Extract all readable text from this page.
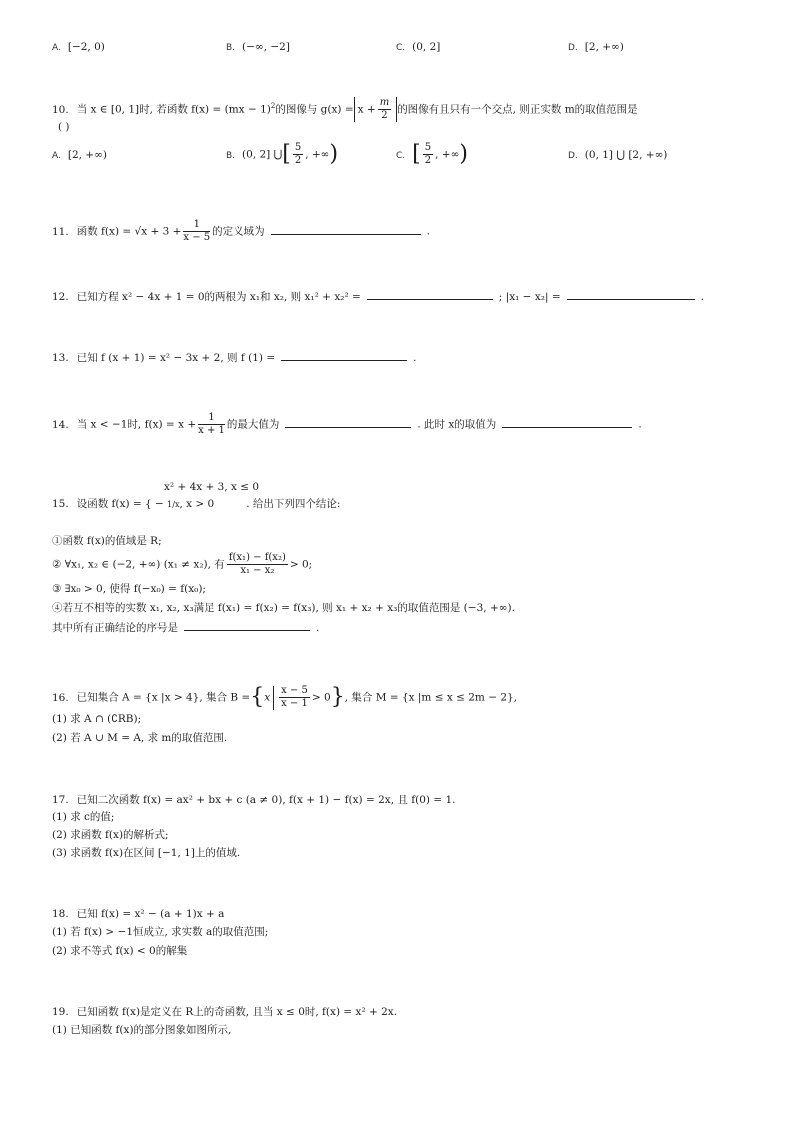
A. [−2, 0)	B. (−∞, −2]	C. (0, 2]	D. [2, +∞)
10. 当 x ∈ [0, 1]时, 若函数 f(x) = (mx − 1)$^2$的图像与 $g(x) = x + \frac{m}{2}$ 的图像有且只有一个交点, 则正实数 m的取值范围是
( )
A. [2, +∞)	B. (0, 2] ⋃[ $\frac{5}{2}$ , +∞)	C. [ $\frac{5}{2}$ , +∞)	D. (0, 1] ⋃ [2, +∞)
11. 函数 $f(x) = √x + 3 + \frac{1}{x - 5}$ 的定义域为	.
12. 已知方程 x² − 4x + 1 = 0的两根为 x₁和 x₂, 则 x₁² + x₂² =	; |x₁ − x₂| =	.
13. 已知 f (x + 1) = x² − 3x + 2, 则 f (1) =	.
14. 当 x < −1时, $f(x) = x + \frac{1}{x + 1}$ 的最大值为	. 此时 x的取值为	.
x² + 4x + 3, x ≤ 0
15. 设函数 f(x) = { − 1/x, x > 0	. 给出下列四个结论:
①函数 f(x)的值域是 R;
② ∀x₁, x₂ ∈ (−2, +∞) (x₁ ≠ x₂), 有 $\frac{\text{f(x₁) − f(x₂)}}{\text{x₁ − x₂}} > 0$;
③ ∃x₀ > 0, 使得 f(−x₀) = f(x₀);
④若互不相等的实数 x₁, x₂, x₃满足 f(x₁) = f(x₂) = f(x₃), 则 x₁ + x₂ + x₃的取值范围是 (−3, +∞).
其中所有正确结论的序号是	.
16. 已知集合 A = {x |x > 4}, 集合 $B =\{x \frac{x - 5}{x - 1} > 0\}$, 集合 M = {x |m ≤ x ≤ 2m − 2},
(1) 求 A ∩ (∁RB);
(2) 若 A ∪ M = A, 求 m的取值范围.
17. 已知二次函数 f(x) = ax² + bx + c (a ≠ 0), f(x + 1) − f(x) = 2x, 且 f(0) = 1.
(1) 求 c的值;
(2) 求函数 f(x)的解析式;
(3) 求函数 f(x)在区间 [−1, 1]上的值域.
18. 已知 f(x) = x² − (a + 1)x + a
(1) 若 f(x) > −1恒成立, 求实数 a的取值范围;
(2) 求不等式 f(x) < 0的解集
19. 已知函数 f(x)是定义在 R上的奇函数, 且当 x ≤ 0时, f(x) = x² + 2x.
(1) 已知函数 f(x)的部分图象如图所示,
